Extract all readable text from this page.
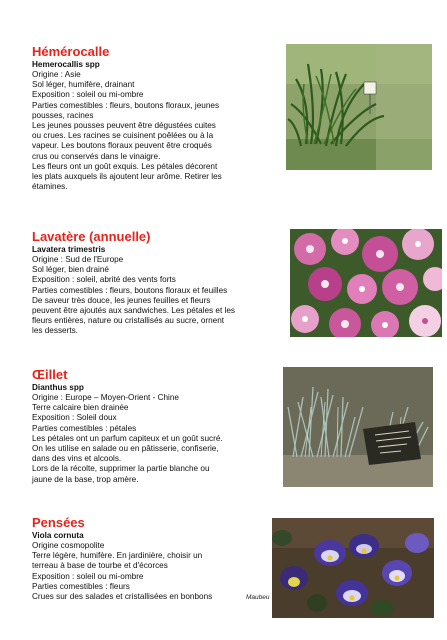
Hémérocalle
Hemerocallis spp
Origine : Asie
Sol léger, humifère, drainant
Exposition : soleil ou mi-ombre
Parties comestibles : fleurs, boutons floraux, jeunes
pousses, racines
Les jeunes pousses peuvent être dégustées cuites
ou crues. Les racines se cuisinent poêlées ou à la
vapeur. Les boutons floraux peuvent être croqués
crus ou conservés dans le vinaigre.
Les fleurs ont un goût exquis. Les pétales décorent
les plats auxquels ils ajoutent leur arôme. Retirer les
étamines.
Lavatère (annuelle)
Lavatera trimestris
Origine : Sud de l'Europe
Sol léger, bien drainé
Exposition : soleil, abrité des vents forts
Parties comestibles : fleurs, boutons floraux et feuilles
De saveur très douce, les jeunes feuilles et fleurs
peuvent être ajoutés aux sandwiches. Les pétales et les
fleurs entières, nature ou cristallisés au sucre, ornent
les desserts.
Œillet
Dianthus spp
Origine : Europe – Moyen-Orient - Chine
Terre calcaire bien drainée
Exposition : Soleil doux
Parties comestibles : pétales
Les pétales ont un parfum capiteux et un goût sucré.
On les utilise en salade ou en pâtisserie, confiserie,
dans des vins et alcools.
Lors de la récolte, supprimer la partie blanche ou
jaune de la base, trop amère.
Pensées
Viola cornuta
Origine cosmopolite
Terre légère, humifère. En jardinière, choisir un
terreau à base de tourbe et d'écorces
Exposition : soleil ou mi-ombre
Parties comestibles : fleurs
Crues sur des salades et cristallisées en bonbons	Maubeu
